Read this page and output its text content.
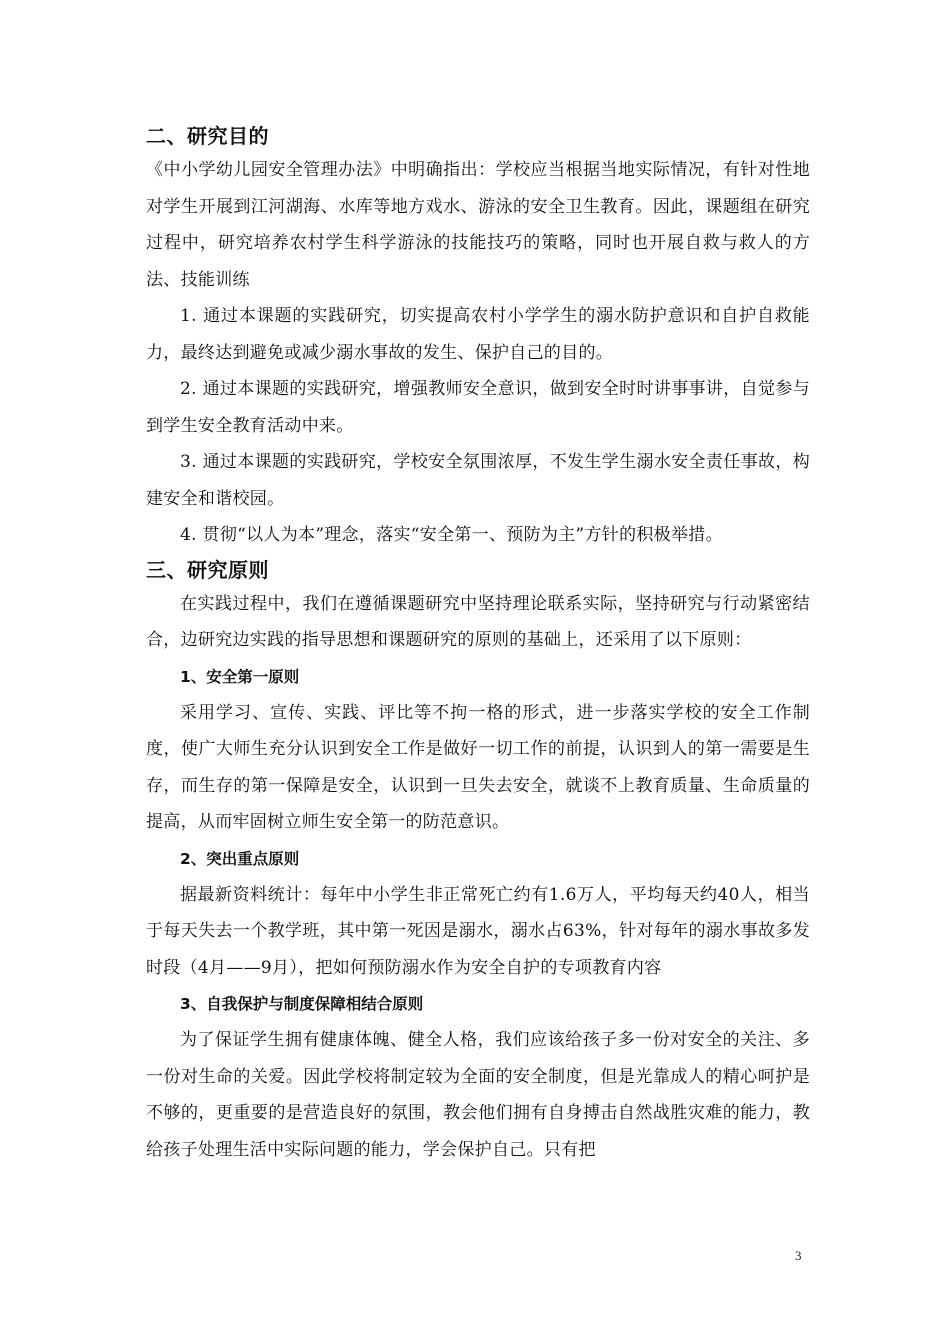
二、研究目的

《中小学幼儿园安全管理办法》中明确指出：学校应当根据当地实际情况，有针对性地对学生开展到江河湖海、水库等地方戏水、游泳的安全卫生教育。因此，课题组在研究过程中，研究培养农村学生科学游泳的技能技巧的策略，同时也开展自救与救人的方法、技能训练

1. 通过本课题的实践研究，切实提高农村小学学生的溺水防护意识和自护自救能力，最终达到避免或减少溺水事故的发生、保护自己的目的。

2. 通过本课题的实践研究，增强教师安全意识，做到安全时时讲事事讲，自觉参与到学生安全教育活动中来。

3. 通过本课题的实践研究，学校安全氛围浓厚，不发生学生溺水安全责任事故，构建安全和谐校园。

4. 贯彻“以人为本”理念，落实“安全第一、预防为主”方针的积极举措。

三、研究原则

在实践过程中，我们在遵循课题研究中坚持理论联系实际，坚持研究与行动紧密结合，边研究边实践的指导思想和课题研究的原则的基础上，还采用了以下原则：

1、安全第一原则

采用学习、宣传、实践、评比等不拘一格的形式，进一步落实学校的安全工作制度，使广大师生充分认识到安全工作是做好一切工作的前提，认识到人的第一需要是生存，而生存的第一保障是安全，认识到一旦失去安全，就谈不上教育质量、生命质量的提高，从而牢固树立师生安全第一的防范意识。

2、突出重点原则

据最新资料统计：每年中小学生非正常死亡约有1.6万人，平均每天约40人，相当于每天失去一个教学班，其中第一死因是溺水，溺水占63%，针对每年的溺水事故多发时段（4月——9月），把如何预防溺水作为安全自护的专项教育内容

3、自我保护与制度保障相结合原则

为了保证学生拥有健康体魄、健全人格，我们应该给孩子多一份对安全的关注、多一份对生命的关爱。因此学校将制定较为全面的安全制度，但是光靠成人的精心呵护是不够的，更重要的是营造良好的氛围，教会他们拥有自身搏击自然战胜灾难的能力，教给孩子处理生活中实际问题的能力，学会保护自己。只有把

3
